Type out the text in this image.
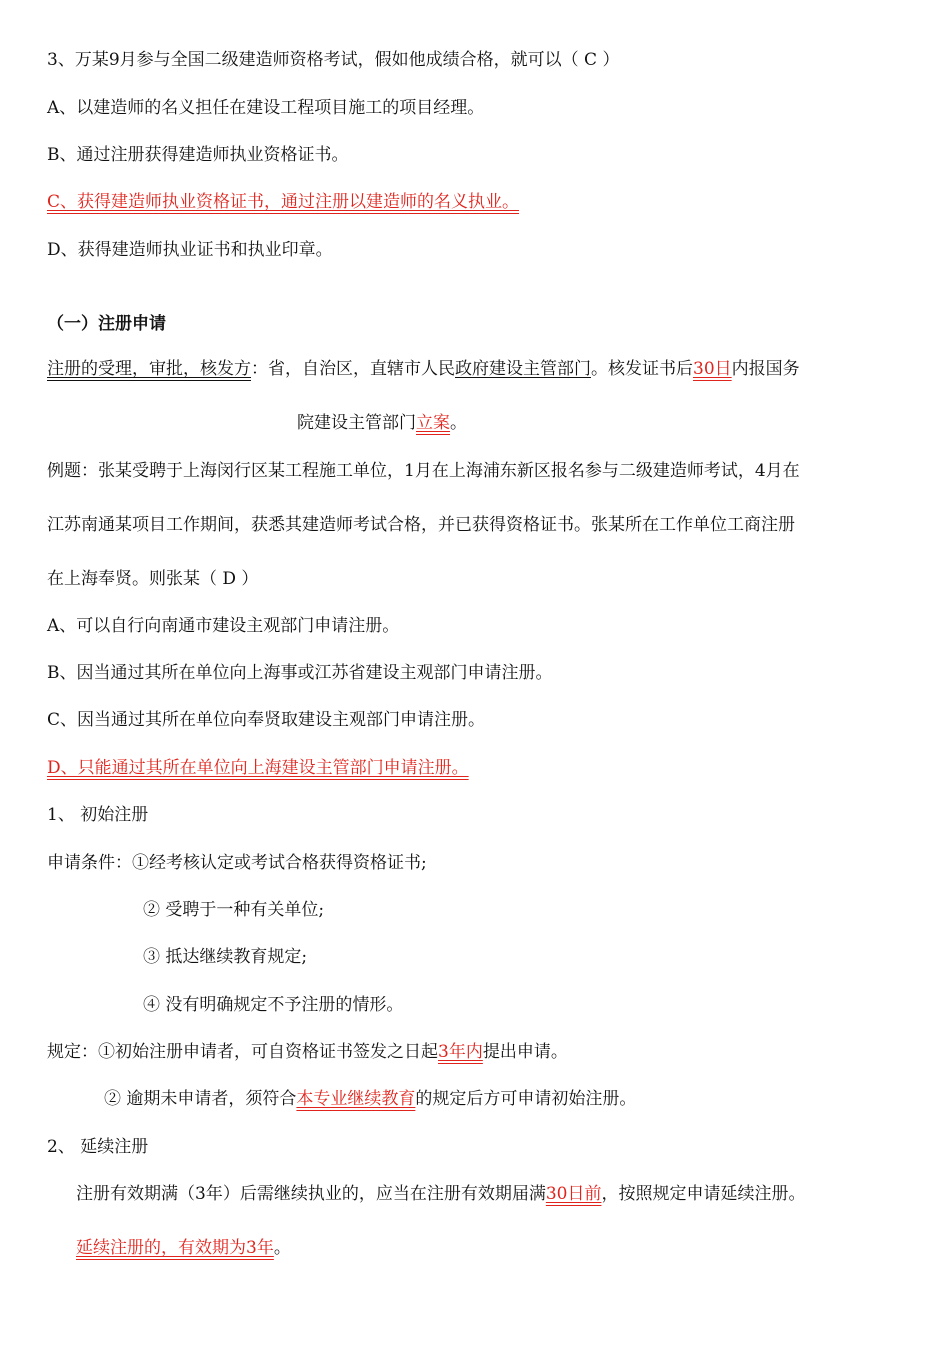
3、万某9月参与全国二级建造师资格考试，假如他成绩合格，就可以（ C ）
A、以建造师的名义担任在建设工程项目施工的项目经理。
B、通过注册获得建造师执业资格证书。
C、获得建造师执业资格证书，通过注册以建造师的名义执业。
D、获得建造师执业证书和执业印章。
（一）注册申请
注册的受理，审批，核发方：省，自治区，直辖市人民政府建设主管部门。核发证书后30日内报国务
院建设主管部门立案。
例题：张某受聘于上海闵行区某工程施工单位，1月在上海浦东新区报名参与二级建造师考试，4月在
江苏南通某项目工作期间，获悉其建造师考试合格，并已获得资格证书。张某所在工作单位工商注册
在上海奉贤。则张某（ D ）
A、可以自行向南通市建设主观部门申请注册。
B、因当通过其所在单位向上海事或江苏省建设主观部门申请注册。
C、因当通过其所在单位向奉贤取建设主观部门申请注册。
D、只能通过其所在单位向上海建设主管部门申请注册。
1、 初始注册
申请条件：①经考核认定或考试合格获得资格证书;
② 受聘于一种有关单位;
③ 抵达继续教育规定;
④ 没有明确规定不予注册的情形。
规定：①初始注册申请者，可自资格证书签发之日起3年内提出申请。
② 逾期未申请者，须符合本专业继续教育的规定后方可申请初始注册。
2、 延续注册
注册有效期满（3年）后需继续执业的，应当在注册有效期届满30日前，按照规定申请延续注册。
延续注册的，有效期为3年。
